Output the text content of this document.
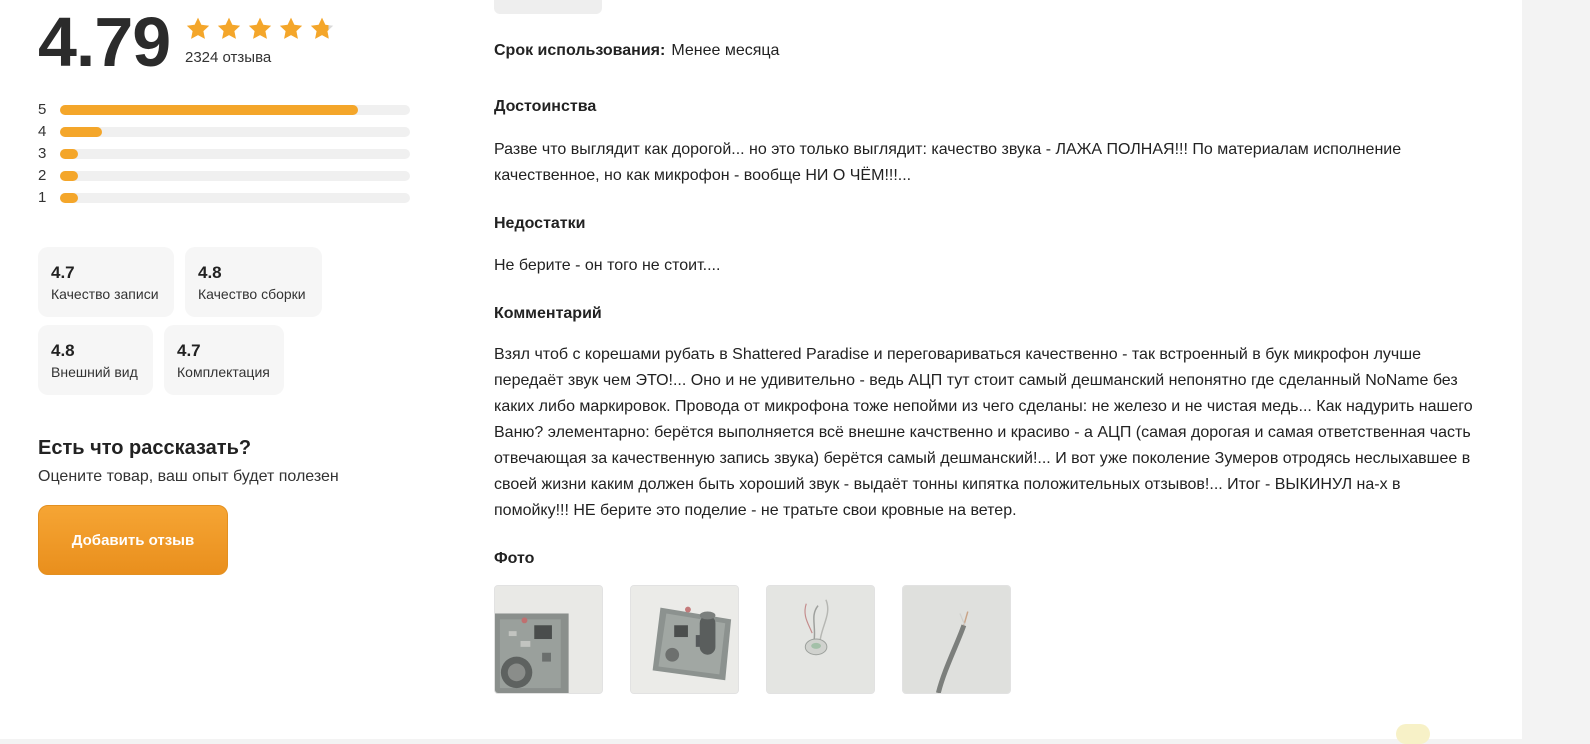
4.79 2324 отзыва
5
4
3
2
1
4.7
Качество записи
4.8
Качество сборки
4.8
Внешний вид
4.7
Комплектация
Есть что рассказать?
Оцените товар, ваш опыт будет полезен
Добавить отзыв
Срок использования: Менее месяца
Достоинства
Разве что выглядит как дорогой... но это только выглядит: качество звука - ЛАЖА ПОЛНАЯ!!! По материалам исполнение качественное, но как микрофон - вообще НИ О ЧЁМ!!!...
Недостатки
Не берите - он того не стоит....
Комментарий
Взял чтоб с корешами рубать в Shattered Paradise и переговариваться качественно - так встроенный в бук микрофон лучше передаёт звук чем ЭТО!... Оно и не удивительно - ведь АЦП тут стоит самый дешманский непонятно где сделанный NoName без каких либо маркировок. Провода от микрофона тоже непойми из чего сделаны: не железо и не чистая медь... Как надурить нашего Ваню? элементарно: берётся выполняется всё внешне качственно и красиво - а АЦП (самая дорогая и самая ответственная часть отвечающая за качественную запись звука) берётся самый дешманский!... И вот уже поколение Зумеров отродясь неслыхавшее в своей жизни каким должен быть хороший звук - выдаёт тонны кипятка положительных отзывов!... Итог - ВЫКИНУЛ на-х в помойку!!! НЕ берите это поделие - не тратьте свои кровные на ветер.
Фото
